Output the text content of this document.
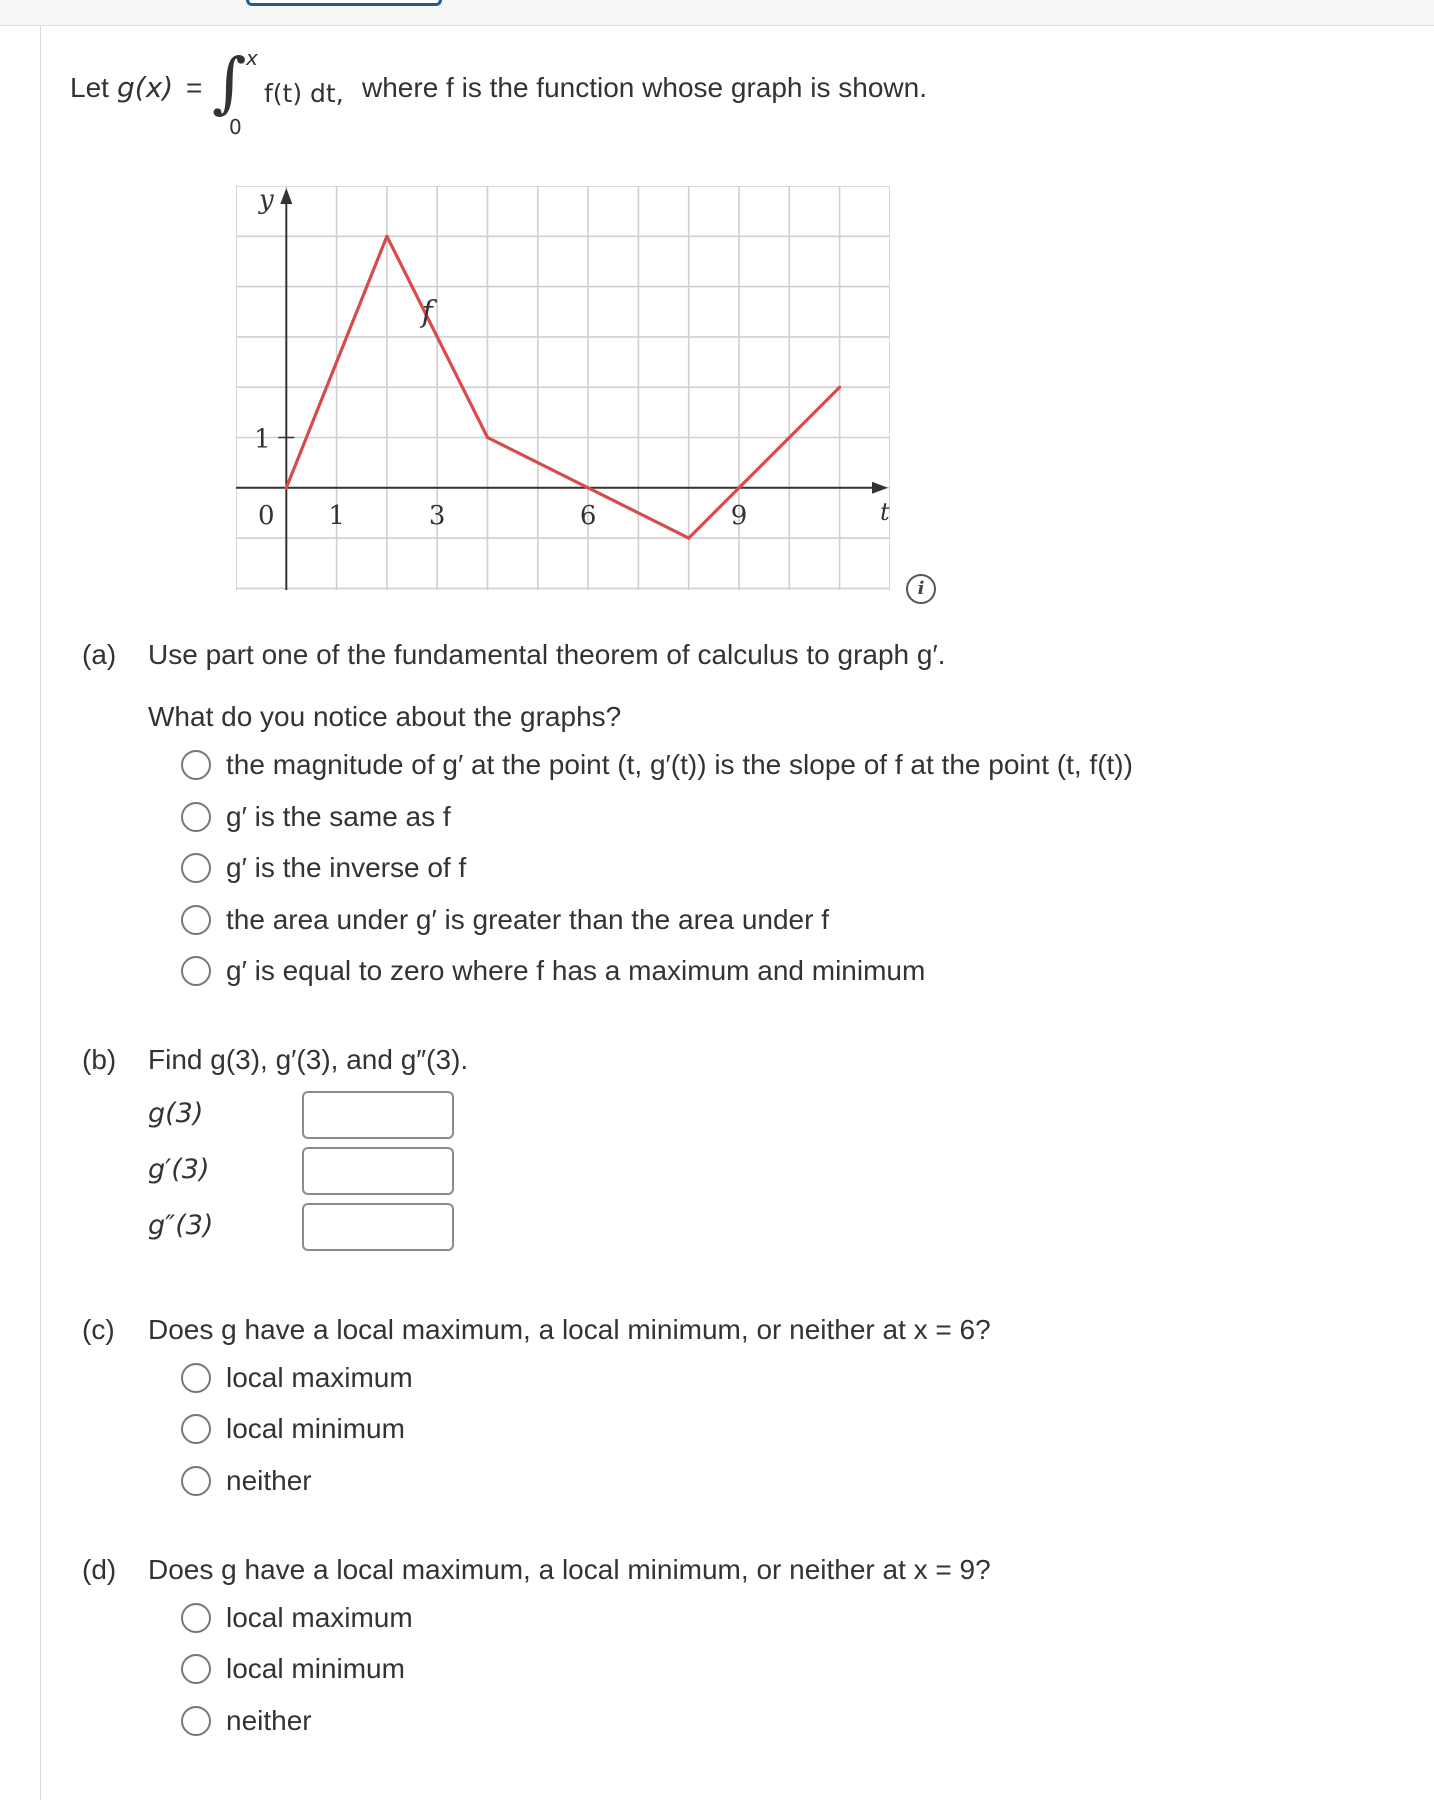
Let g(x) = ∫ x
0
f(t) dt, where f is the function whose graph is shown.
1
0 1	3	6	9
y
t
f
i
(a) Use part one of the fundamental theorem of calculus to graph g′.
What do you notice about the graphs?
the magnitude of g′ at the point (t, g′(t)) is the slope of f at the point (t, f(t))
g′ is the same as f
g′ is the inverse of f
the area under g′ is greater than the area under f
g′ is equal to zero where f has a maximum and minimum
(b) Find g(3), g′(3), and g″(3).
g(3)
g′(3)
g″(3)
(c) Does g have a local maximum, a local minimum, or neither at x = 6?
local maximum
local minimum
neither
(d) Does g have a local maximum, a local minimum, or neither at x = 9?
local maximum
local minimum
neither
